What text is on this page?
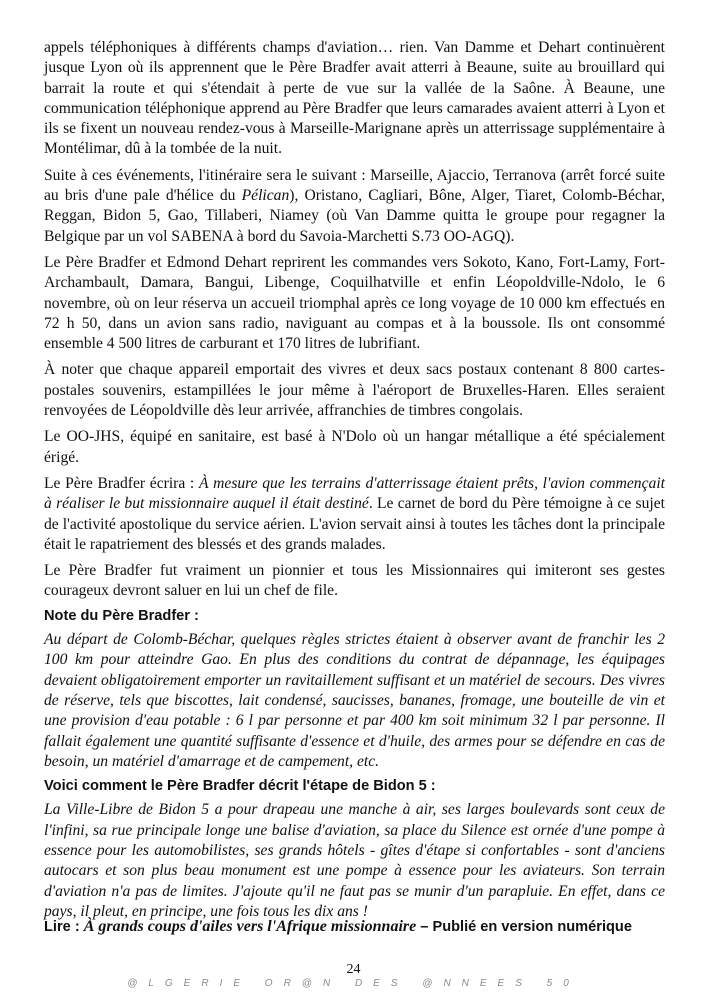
appels téléphoniques à différents champs d'aviation… rien. Van Damme et Dehart continuèrent jusque Lyon où ils apprennent que le Père Bradfer avait atterri à Beaune, suite au brouillard qui barrait la route et qui s'étendait à perte de vue sur la vallée de la Saône. À Beaune, une communication téléphonique apprend au Père Bradfer que leurs camarades avaient atterri à Lyon et ils se fixent un nouveau rendez-vous à Marseille-Marignane après un atterrissage supplémentaire à Montélimar, dû à la tombée de la nuit.

Suite à ces événements, l'itinéraire sera le suivant : Marseille, Ajaccio, Terranova (arrêt forcé suite au bris d'une pale d'hélice du Pélican), Oristano, Cagliari, Bône, Alger, Tiaret, Colomb-Béchar, Reggan, Bidon 5, Gao, Tillaberi, Niamey (où Van Damme quitta le groupe pour regagner la Belgique par un vol SABENA à bord du Savoia-Marchetti S.73 OO-AGQ).

Le Père Bradfer et Edmond Dehart reprirent les commandes vers Sokoto, Kano, Fort-Lamy, Fort-Archambault, Damara, Bangui, Libenge, Coquilhatville et enfin Léopoldville-Ndolo, le 6 novembre, où on leur réserva un accueil triomphal après ce long voyage de 10 000 km effectués en 72 h 50, dans un avion sans radio, naviguant au compas et à la boussole. Ils ont consommé ensemble 4 500 litres de carburant et 170 litres de lubrifiant.

À noter que chaque appareil emportait des vivres et deux sacs postaux contenant 8 800 cartes-postales souvenirs, estampillées le jour même à l'aéroport de Bruxelles-Haren. Elles seraient renvoyées de Léopoldville dès leur arrivée, affranchies de timbres congolais.

Le OO-JHS, équipé en sanitaire, est basé à N'Dolo où un hangar métallique a été spécialement érigé.

Le Père Bradfer écrira : À mesure que les terrains d'atterrissage étaient prêts, l'avion commençait à réaliser le but missionnaire auquel il était destiné. Le carnet de bord du Père témoigne à ce sujet de l'activité apostolique du service aérien. L'avion servait ainsi à toutes les tâches dont la principale était le rapatriement des blessés et des grands malades.

Le Père Bradfer fut vraiment un pionnier et tous les Missionnaires qui imiteront ses gestes courageux devront saluer en lui un chef de file.

Note du Père Bradfer :

Au départ de Colomb-Béchar, quelques règles strictes étaient à observer avant de franchir les 2 100 km pour atteindre Gao. En plus des conditions du contrat de dépannage, les équipages devaient obligatoirement emporter un ravitaillement suffisant et un matériel de secours. Des vivres de réserve, tels que biscottes, lait condensé, saucisses, bananes, fromage, une bouteille de vin et une provision d'eau potable : 6 l par personne et par 400 km soit minimum 32 l par personne. Il fallait également une quantité suffisante d'essence et d'huile, des armes pour se défendre en cas de besoin, un matériel d'amarrage et de campement, etc.

Voici comment le Père Bradfer décrit l'étape de Bidon 5 :

La Ville-Libre de Bidon 5 a pour drapeau une manche à air, ses larges boulevards sont ceux de l'infini, sa rue principale longe une balise d'aviation, sa place du Silence est ornée d'une pompe à essence pour les automobilistes, ses grands hôtels - gîtes d'étape si confortables - sont d'anciens autocars et son plus beau monument est une pompe à essence pour les aviateurs. Son terrain d'aviation n'a pas de limites. J'ajoute qu'il ne faut pas se munir d'un parapluie. En effet, dans ce pays, il pleut, en principe, une fois tous les dix ans !

Lire : À grands coups d'ailes vers l'Afrique missionnaire – Publié en version numérique
24
@LGERIE OR@N DES @NNEES 50
